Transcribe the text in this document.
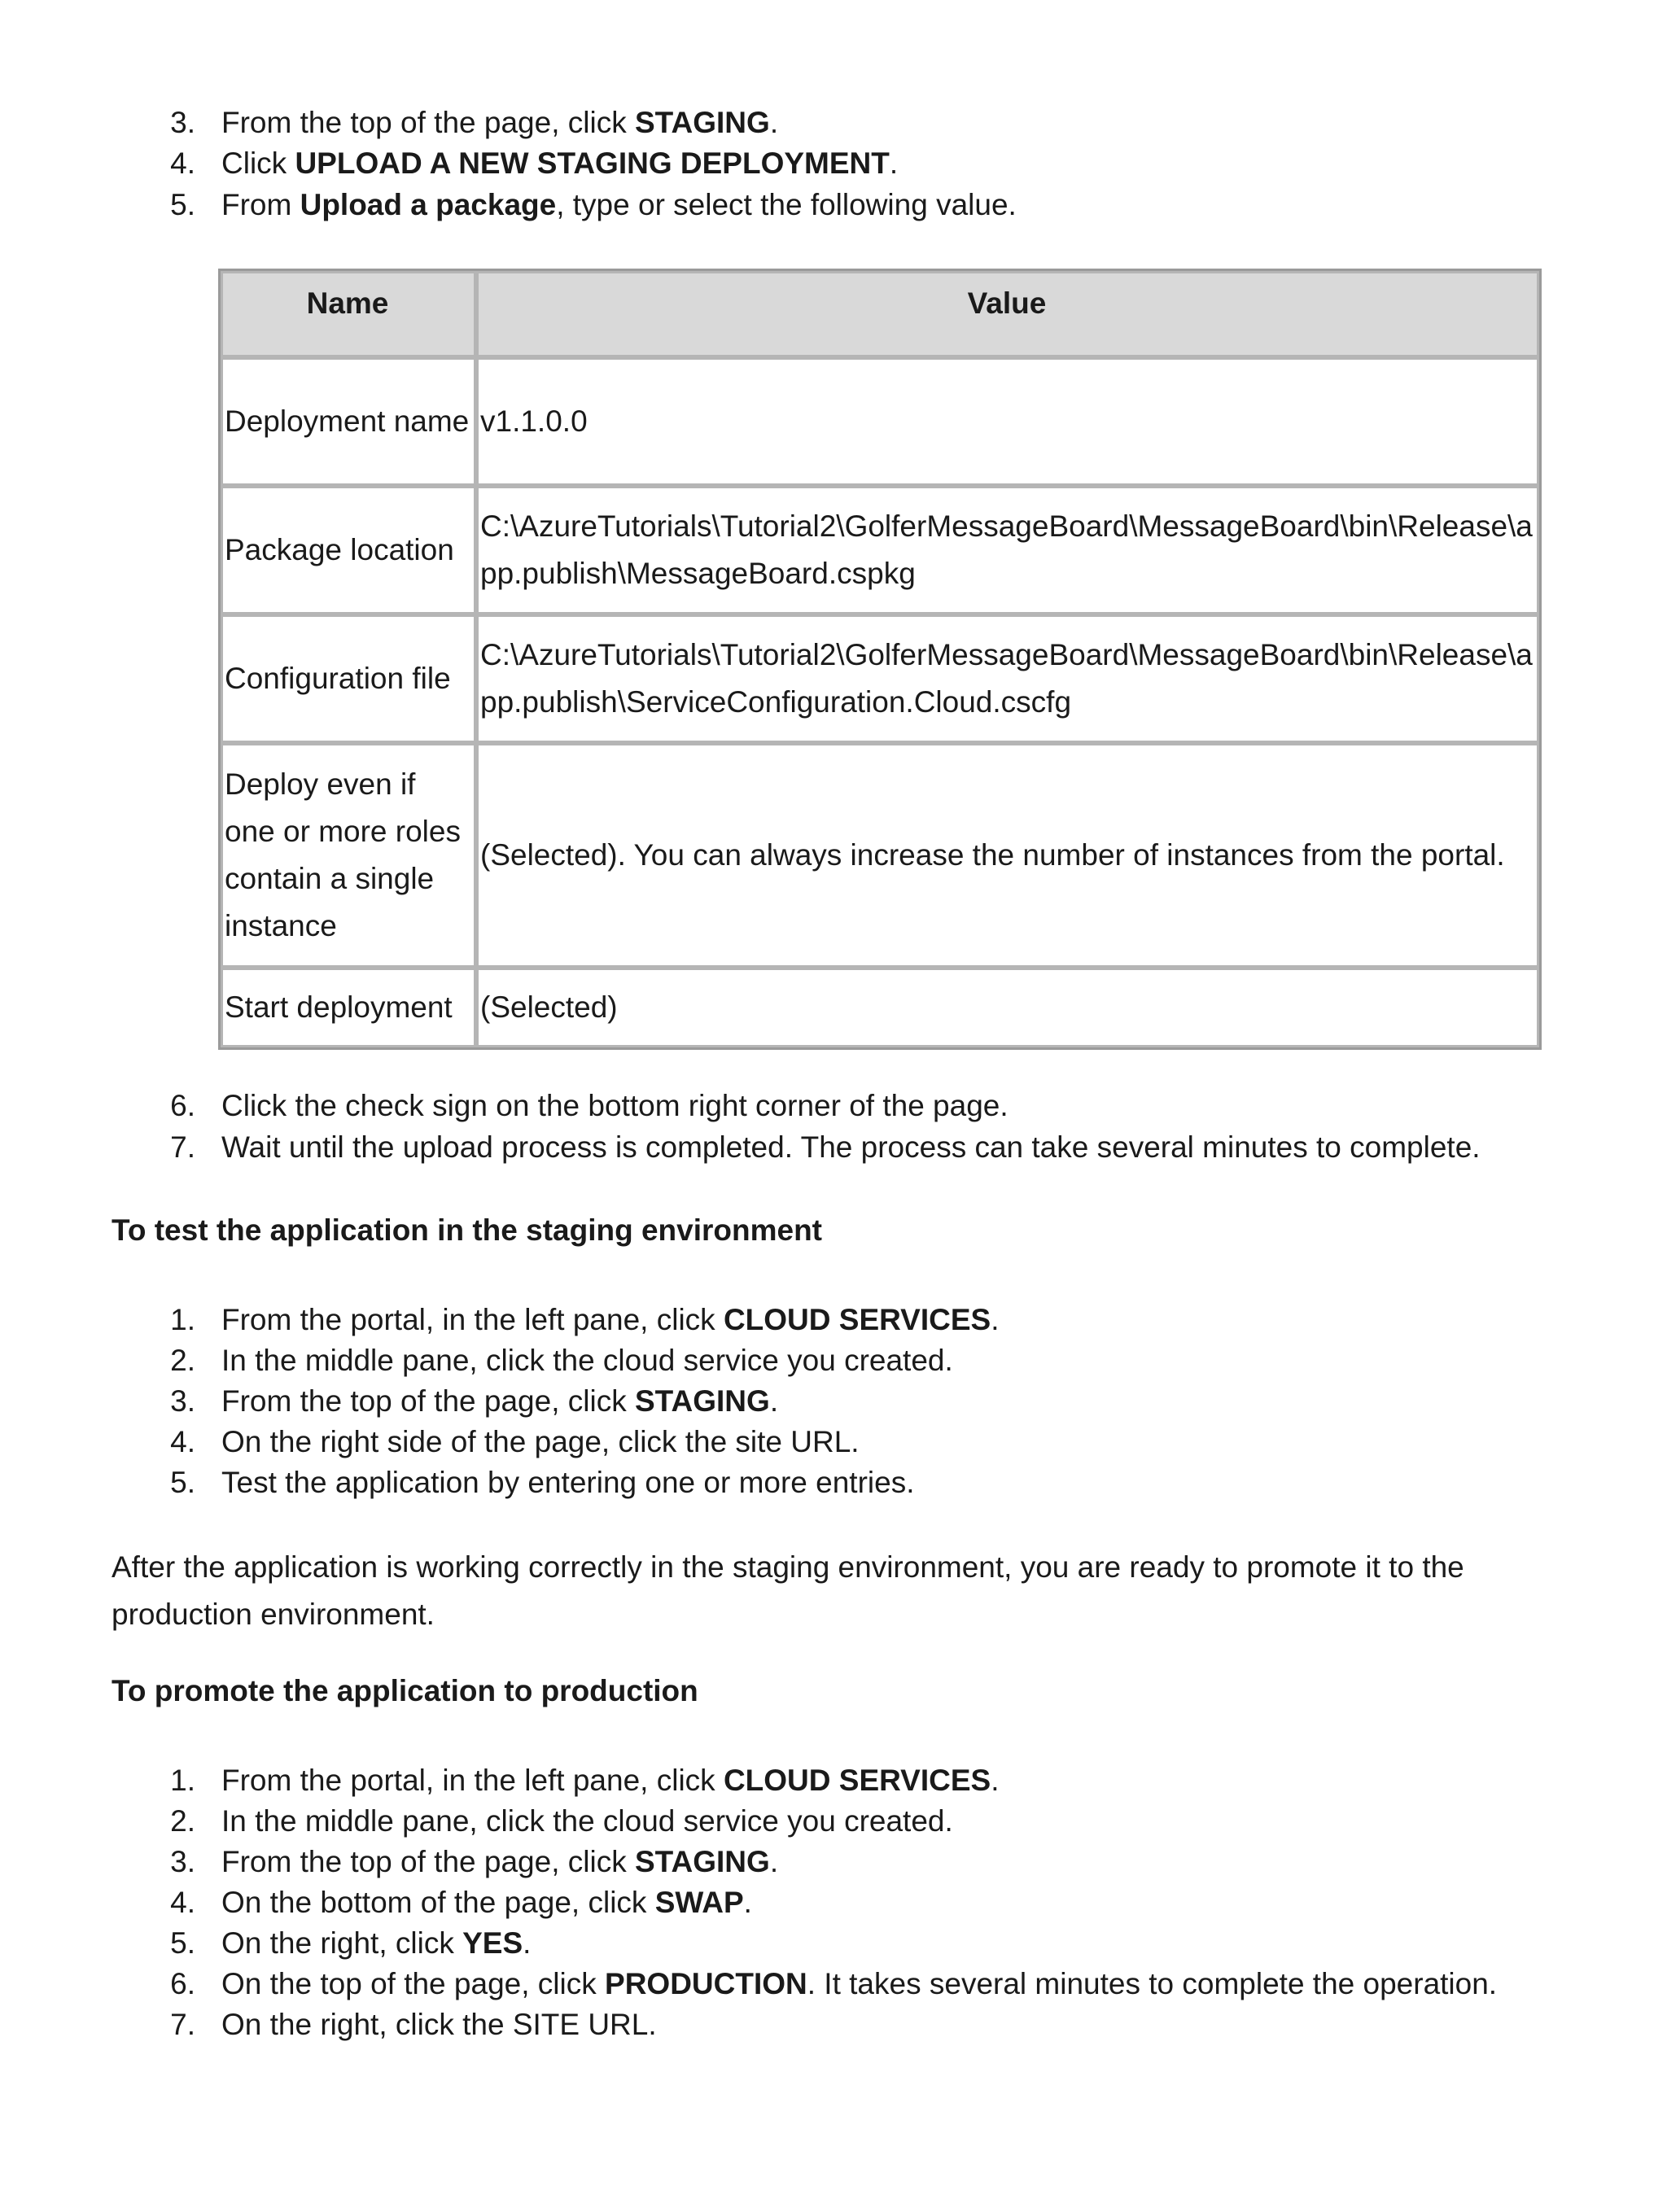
3. From the top of the page, click STAGING.
4. Click UPLOAD A NEW STAGING DEPLOYMENT.
5. From Upload a package, type or select the following value.
Name	Value
Deployment name	v1.1.0.0
Package location	C:\AzureTutorials\Tutorial2\GolferMessageBoard\MessageBoard\bin\Release\app.publish\MessageBoard.cspkg
Configuration file	C:\AzureTutorials\Tutorial2\GolferMessageBoard\MessageBoard\bin\Release\app.publish\ServiceConfiguration.Cloud.cscfg
Deploy even if one or more roles contain a single instance	(Selected). You can always increase the number of instances from the portal.
Start deployment	(Selected)
6. Click the check sign on the bottom right corner of the page.
7. Wait until the upload process is completed. The process can take several minutes to complete.
To test the application in the staging environment
1. From the portal, in the left pane, click CLOUD SERVICES.
2. In the middle pane, click the cloud service you created.
3. From the top of the page, click STAGING.
4. On the right side of the page, click the site URL.
5. Test the application by entering one or more entries.
After the application is working correctly in the staging environment, you are ready to promote it to the production environment.
To promote the application to production
1. From the portal, in the left pane, click CLOUD SERVICES.
2. In the middle pane, click the cloud service you created.
3. From the top of the page, click STAGING.
4. On the bottom of the page, click SWAP.
5. On the right, click YES.
6. On the top of the page, click PRODUCTION. It takes several minutes to complete the operation.
7. On the right, click the SITE URL.
